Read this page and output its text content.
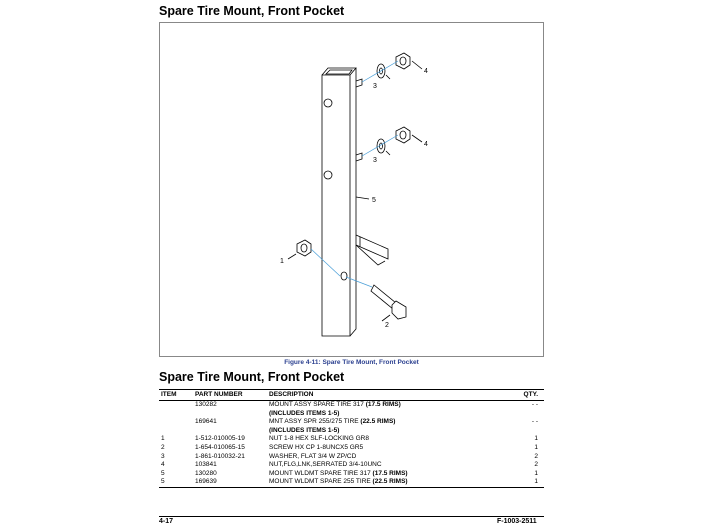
Spare Tire Mount, Front Pocket
4
3
4
3
5
1
2
Figure 4-11: Spare Tire Mount, Front Pocket
Spare Tire Mount, Front Pocket
ITEM	PART NUMBER	DESCRIPTION	QTY.
	130282	MOUNT ASSY SPARE TIRE 317 (17.5 RIMS)
(INCLUDES ITEMS 1-5)	- -
	169641	MNT ASSY SPR 255/275 TIRE (22.5 RIMS)
(INCLUDES ITEMS 1-5)	- -
1	1-512-010005-19	NUT 1-8 HEX SLF-LOCKING GR8	1
2	1-654-010065-15	SCREW HX CP 1-8UNCX5 GR5	1
3	1-861-010032-21	WASHER, FLAT 3/4 W ZP/CD	2
4	103841	NUT,FLG,LNK,SERRATED 3/4-10UNC	2
5	130280	MOUNT WLDMT SPARE TIRE 317 (17.5 RIMS)	1
5	169639	MOUNT WLDMT SPARE 255 TIRE (22.5 RIMS)	1
4-17	F-1003-2511
